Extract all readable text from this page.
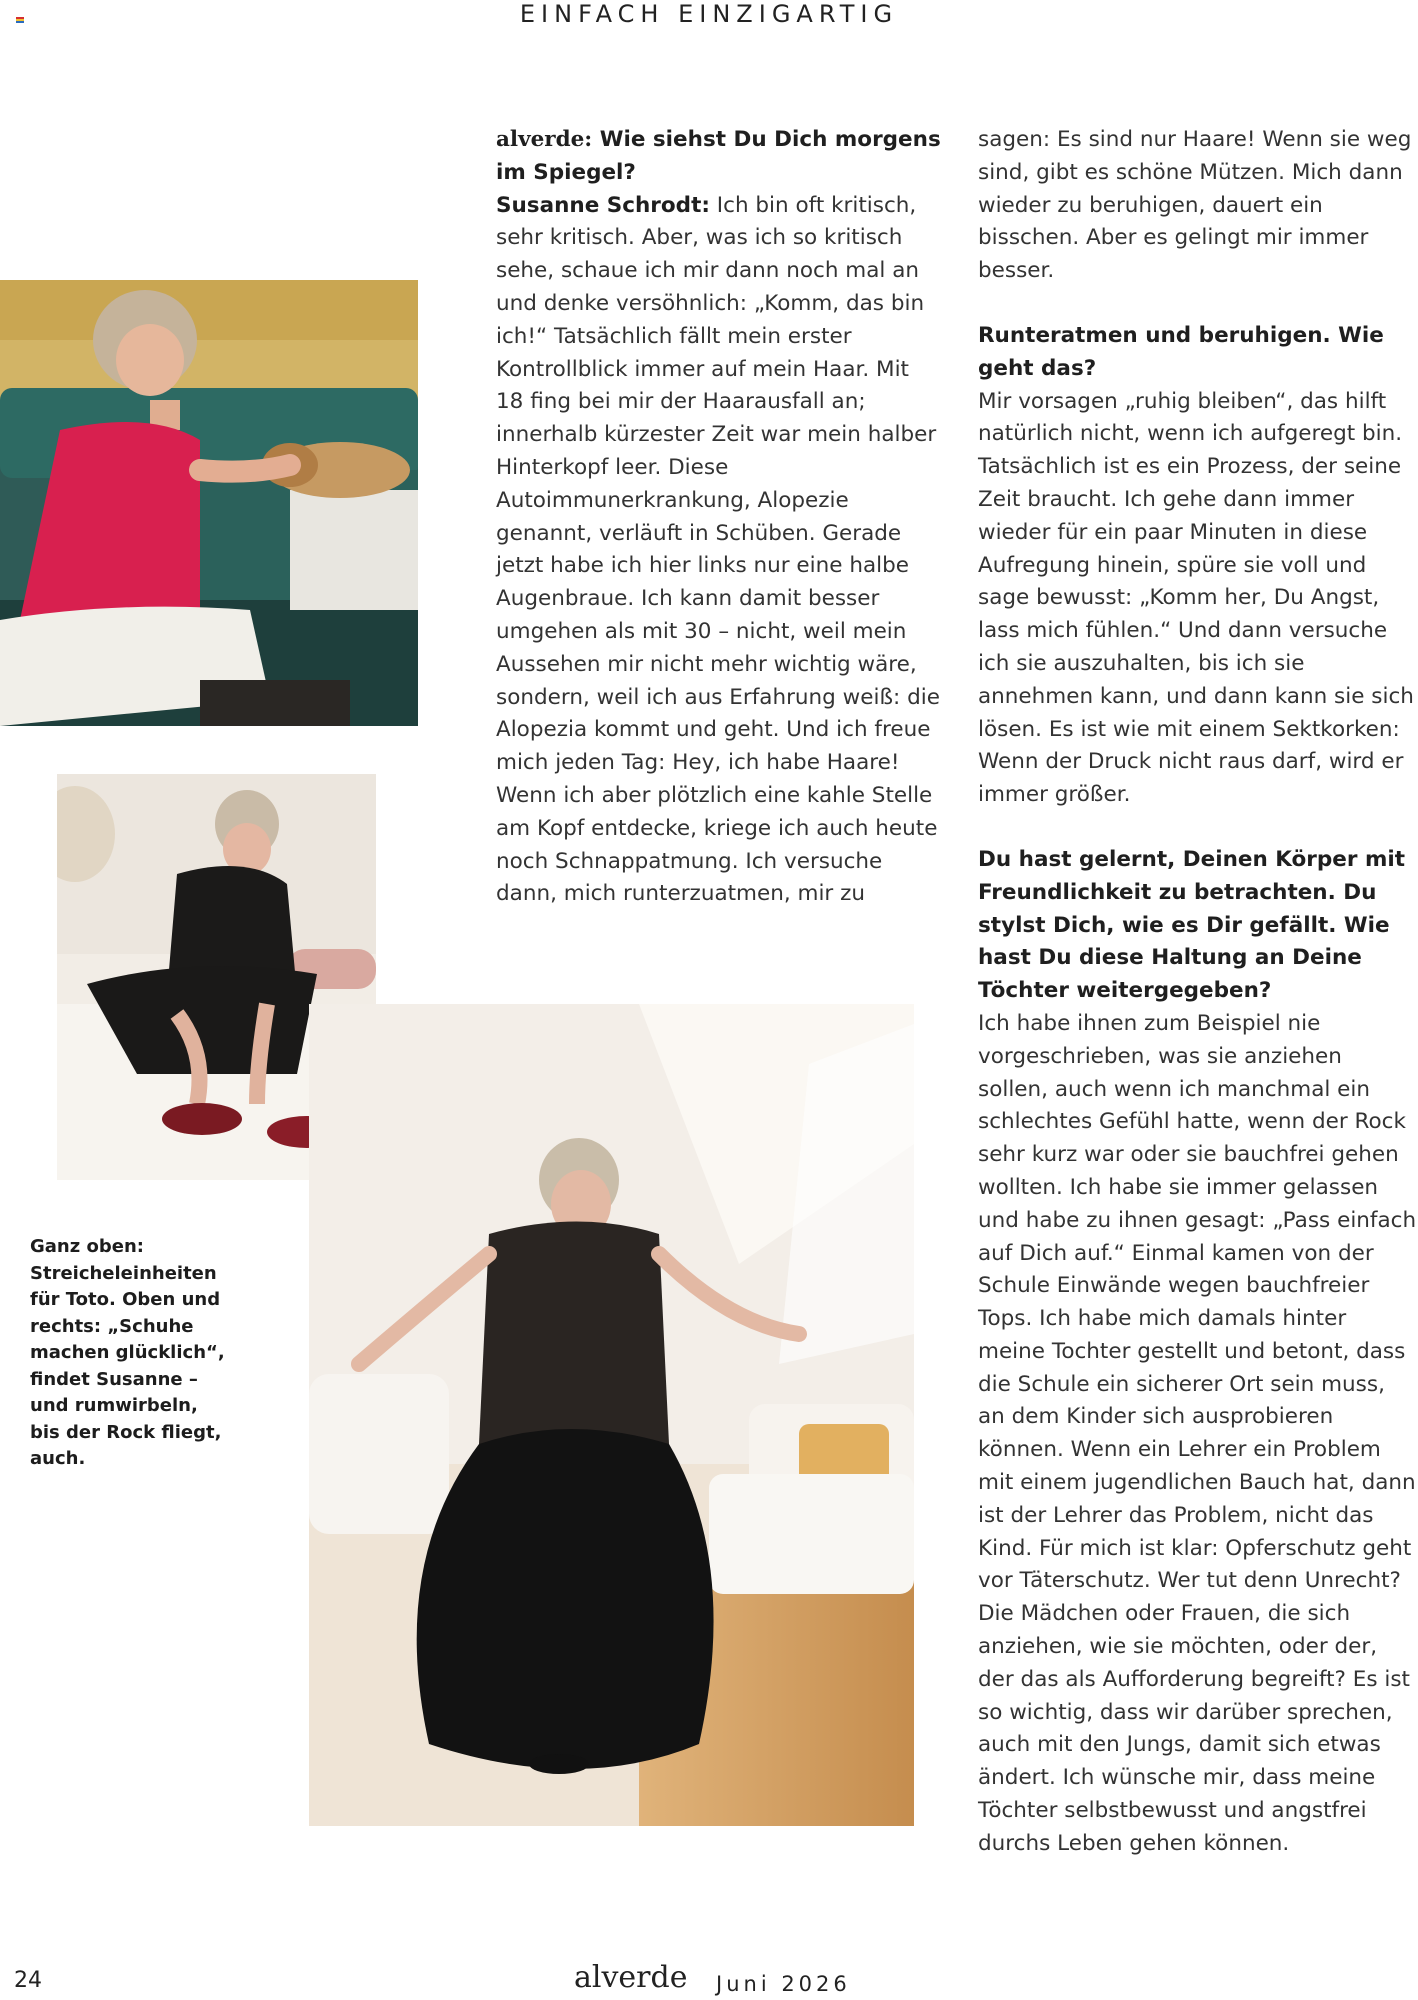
EINFACH EINZIGARTIG
Ganz oben: Streicheleinheiten für Toto. Oben und rechts: „Schuhe machen glücklich“, findet Susanne – und rumwirbeln, bis der Rock fliegt, auch.

alverde: Wie siehst Du Dich morgens im Spiegel?

Susanne Schrodt: Ich bin oft kritisch, sehr kritisch. Aber, was ich so kritisch sehe, schaue ich mir dann noch mal an und denke versöhnlich: „Komm, das bin ich!“ Tatsächlich fällt mein erster Kontrollblick immer auf mein Haar. Mit 18 fing bei mir der Haarausfall an; innerhalb kürzester Zeit war mein halber Hinterkopf leer. Diese Autoimmunerkrankung, Alopezie genannt, verläuft in Schüben. Gerade jetzt habe ich hier links nur eine halbe Augenbraue. Ich kann damit besser umgehen als mit 30 – nicht, weil mein Aussehen mir nicht mehr wichtig wäre, sondern, weil ich aus Erfahrung weiß: die Alopezia kommt und geht. Und ich freue mich jeden Tag: Hey, ich habe Haare! Wenn ich aber plötzlich eine kahle Stelle am Kopf entdecke, kriege ich auch heute noch Schnappatmung. Ich versuche dann, mich runterzuatmen, mir zu

sagen: Es sind nur Haare! Wenn sie weg sind, gibt es schöne Mützen. Mich dann wieder zu beruhigen, dauert ein bisschen. Aber es gelingt mir immer besser.

Runteratmen und beruhigen. Wie geht das?

Mir vorsagen „ruhig bleiben“, das hilft natürlich nicht, wenn ich aufgeregt bin. Tatsächlich ist es ein Prozess, der seine Zeit braucht. Ich gehe dann immer wieder für ein paar Minuten in diese Aufregung hinein, spüre sie voll und sage bewusst: „Komm her, Du Angst, lass mich fühlen.“ Und dann versuche ich sie auszuhalten, bis ich sie annehmen kann, und dann kann sie sich lösen. Es ist wie mit einem Sektkorken: Wenn der Druck nicht raus darf, wird er immer größer.

Du hast gelernt, Deinen Körper mit Freundlichkeit zu betrachten. Du stylst Dich, wie es Dir gefällt. Wie hast Du diese Haltung an Deine Töchter weitergegeben?

Ich habe ihnen zum Beispiel nie vorgeschrieben, was sie anziehen sollen, auch wenn ich manchmal ein schlechtes Gefühl hatte, wenn der Rock sehr kurz war oder sie bauchfrei gehen wollten. Ich habe sie immer gelassen und habe zu ihnen gesagt: „Pass einfach auf Dich auf.“ Einmal kamen von der Schule Einwände wegen bauchfreier Tops. Ich habe mich damals hinter meine Tochter gestellt und betont, dass die Schule ein sicherer Ort sein muss, an dem Kinder sich ausprobieren können. Wenn ein Lehrer ein Problem mit einem jugendlichen Bauch hat, dann ist der Lehrer das Problem, nicht das Kind. Für mich ist klar: Opferschutz geht vor Täterschutz. Wer tut denn Unrecht? Die Mädchen oder Frauen, die sich anziehen, wie sie möchten, oder der, der das als Aufforderung begreift? Es ist so wichtig, dass wir darüber sprechen, auch mit den Jungs, damit sich etwas ändert. Ich wünsche mir, dass meine Töchter selbstbewusst und angstfrei durchs Leben gehen können.

24	alverde Juni 2026
